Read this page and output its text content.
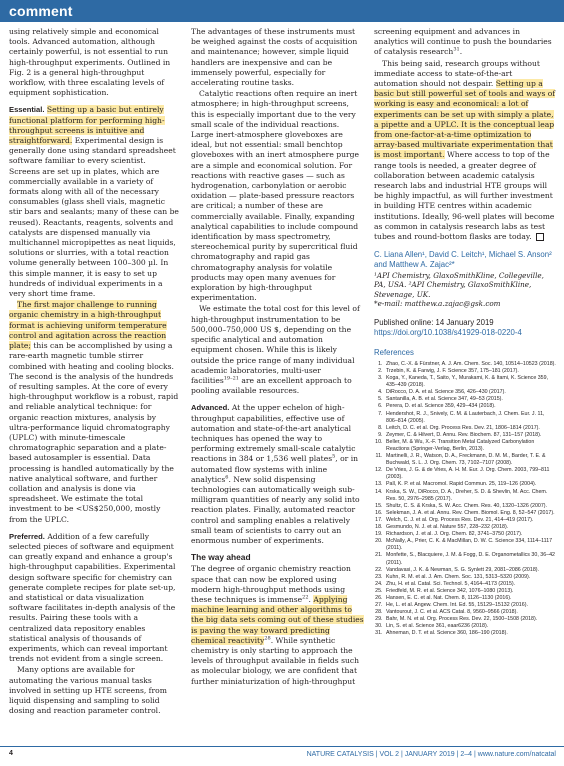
comment

using relatively simple and economical tools. Advanced automation, although certainly powerful, is not essential to run high-throughput experiments. Outlined in Fig. 2 is a general high-throughput workflow, with three escalating levels of equipment sophistication.

Essential. Setting up a basic but entirely functional platform for performing high-throughput screens is intuitive and straightforward. Experimental design is generally done using standard spreadsheet software familiar to every scientist. Screens are set up in plates, which are commercially available in a variety of formats along with all of the necessary consumables (glass shell vials, magnetic stir bars and sealants; many of these can be reused). Reactants, reagents, solvents and catalysts are dispensed manually via multichannel micropipettes as neat liquids, solutions or slurries, with a total reaction volume generally between 100–300 µl. In this simple manner, it is easy to set up hundreds of individual experiments in a very short time frame.

The first major challenge to running organic chemistry in a high-throughput format is achieving uniform temperature control and agitation across the reaction plate; this can be accomplished by using a rare-earth magnetic tumble stirrer combined with heating and cooling blocks. The second is the analysis of the hundreds of resulting samples. At the core of every high-throughput workflow is a robust, rapid and reliable analytical technique: for organic reaction mixtures, analysis by ultra-performance liquid chromatography (UPLC) with minute-timescale chromatographic separation and a plate-based autosampler is essential. Data processing is handled automatically by the native analytical software, and further collation and analysis is done via spreadsheet. We estimate the total investment to be <US$250,000, mostly from the UPLC.

Preferred. Addition of a few carefully selected pieces of software and equipment can greatly expand and enhance a group's high-throughput capabilities. Experimental design software specific for chemistry can generate complete recipes for plate set-up, and statistical or data visualization software facilitates in-depth analysis of the results. Pairing these tools with a centralized data repository enables statistical analysis of thousands of experiments, which can reveal important trends not evident from a single screen.

Many options are available for automating the various manual tasks involved in setting up HTE screens, from liquid dispensing and sampling to solid dosing and reaction parameter control.

The advantages of these instruments must be weighed against the costs of acquisition and maintenance; however, simple liquid handlers are inexpensive and can be immensely powerful, especially for accelerating routine tasks.

Catalytic reactions often require an inert atmosphere; in high-throughput screens, this is especially important due to the very small scale of the individual reactions. Large inert-atmosphere gloveboxes are ideal, but not essential: small benchtop gloveboxes with an inert atmosphere purge are a simple and economical solution. For reactions with reactive gases — such as hydrogenation, carbonylation or aerobic oxidation — plate-based pressure reactors are critical; a number of these are commercially available. Finally, expanding analytical capabilities to include compound identification by mass spectrometry, stereochemical purity by supercritical fluid chromatography and rapid gas chromatography analysis for volatile products may open many avenues for exploration by high-throughput experimentation.

We estimate the total cost for this level of high-throughput instrumentation to be 500,000–750,000 US $, depending on the specific analytical and automation equipment chosen. While this is likely outside the price range of many individual academic laboratories, multi-user facilities$^{19-21}$ are an excellent approach to pooling available resources.

Advanced. At the upper echelon of high-throughput capabilities, effective use of automation and state-of-the-art analytical techniques has opened the way to performing extremely small-scale catalytic reactions in 384 or 1,536 well plates$^5$, or in automated flow systems with inline analytics$^6$. New solid dispensing technologies can automatically weigh sub-milligram quantities of nearly any solid into reaction plates. Finally, automated reactor control and sampling enables a relatively small team of scientists to carry out an enormous number of experiments.

The way ahead

The degree of organic chemistry reaction space that can now be explored using modern high-throughput methods using these techniques is immense$^{22}$. Applying machine learning and other algorithms to the big data sets coming out of these studies is paving the way toward predicting chemical reactivity$^{28}$. While synthetic chemistry is only starting to approach the levels of throughput available in fields such as molecular biology, we are confident that further miniaturization of high-throughput

screening equipment and advances in analytics will continue to push the boundaries of catalysis research$^{31}$.

This being said, research groups without immediate access to state-of-the-art automation should not despair. Setting up a basic but still powerful set of tools and ways of working is easy and economical: a lot of experiments can be set up with simply a plate, a pipette and a UPLC. It is the conceptual leap from one-factor-at-a-time optimization to array-based multivariate experimentation that is most important. Where access to top of the range tools is needed, a greater degree of collaboration between academic catalysis research labs and industrial HTE groups will be highly impactful, as will further investment in building HTE centres within academic institutions. Ideally, 96-well plates will become as common in catalysis research labs as test tubes and round-bottom flasks are today.

C. Liana Allen¹, David C. Leitch¹, Michael S. Anson² and Matthew A. Zajac²*
¹API Chemistry, GlaxoSmithKline, Collegeville, PA, USA. ²API Chemistry, GlaxoSmithKline, Stevenage, UK.
*e-mail: matthew.a.zajac@gsk.com
Published online: 14 January 2019
https://doi.org/10.1038/s41929-018-0220-4
References
1. Zhao, C.-X. & Fürstner, A. J. Am. Chem. Soc. 140, 10514–10523 (2018).
2. Trzebin, K. & Farwig, J. F. Science 357, 175–181 (2017).
3. Koga, Y., Kaneda, T., Saito, Y., Murakami, K. & Itami, K. Science 359, 435–439 (2018).
4. DiRocco, D. A. et al. Science 356, 426–430 (2017).
5. Santanilla, A. B. et al. Science 347, 49–53 (2015).
6. Perera, D. et al. Science 359, 429–434 (2018).
7. Hendershot, R. J., Snively, C. M. & Lauterbach, J. Chem. Eur. J. 11, 806–814 (2005).
8. Leitch, D. C. et al. Org. Process Res. Dev. 21, 1806–1814 (2017).
9. Zeymer, C. & Hilvert, D. Annu. Rev. Biochem. 87, 131–157 (2018).
10. Beller, M. & Wu, X.-F. Transition Metal Catalyzed Carbonylation Reactions (Springer-Verlag, Berlin, 2013).
11. Martinelli, J. R., Watson, D. A., Freckmann, D. M. M., Barder, T. E. & Buchwald, S. L. J. Org. Chem. 73, 7102–7107 (2008).
12. De Vries, J. G. & de Vries, A. H. M. Eur. J. Org. Chem. 2003, 799–811 (2003).
13. Pall, K. P. et al. Macromol. Rapid Commun. 25, 119–126 (2004).
14. Krska, S. W., DiRocco, D. A., Dreher, S. D. & Shevlin, M. Acc. Chem. Res. 50, 2976–2985 (2017).
15. Shultz, C. S. & Krska, S. W. Acc. Chem. Res. 40, 1320–1326 (2007).
16. Selekman, J. A. et al. Annu. Rev. Chem. Biomol. Eng. 8, 52–547 (2017).
17. Welch, C. J. et al. Org. Process Res. Dev. 21, 414–419 (2017).
18. Gesmundo, N. J. et al. Nature 557, 228–232 (2018).
19. Richardson, J. et al. J. Org. Chem. 82, 3741–3750 (2017).
20. McNally, A., Prier, C. K. & MacMillan, D. W. C. Science 334, 1114–1117 (2011).
21. Monfette, S., Blacquiere, J. M. & Fogg, D. E. Organometallics 30, 36–42 (2011).
22. Vandavasi, J. K. & Newman, S. G. Synlett 29, 2081–2086 (2018).
23. Kuhn, R. M. et al. J. Am. Chem. Soc. 131, 5313–5320 (2009).
24. Zhu, H. et al. Catal. Sci. Technol. 5, 4164–4173 (2015).
25. Friedfeld, M. R. et al. Science 342, 1076–1080 (2013).
26. Hansen, E. C. et al. Nat. Chem. 8, 1126–1130 (2016).
27. He, L. et al. Angew. Chem. Int. Ed. 55, 15129–15132 (2016).
28. Vantourout, J. C. et al. ACS Catal. 8, 9560–9566 (2018).
29. Bahr, M. N. et al. Org. Process Res. Dev. 22, 1500–1508 (2018).
30. Lin, S. et al. Science 361, eaar6236 (2018).
31. Ahneman, D. T. et al. Science 360, 186–190 (2018).
4	NATURE CATALYSIS | VOL 2 | JANUARY 2019 | 2–4 | www.nature.com/natcatal
